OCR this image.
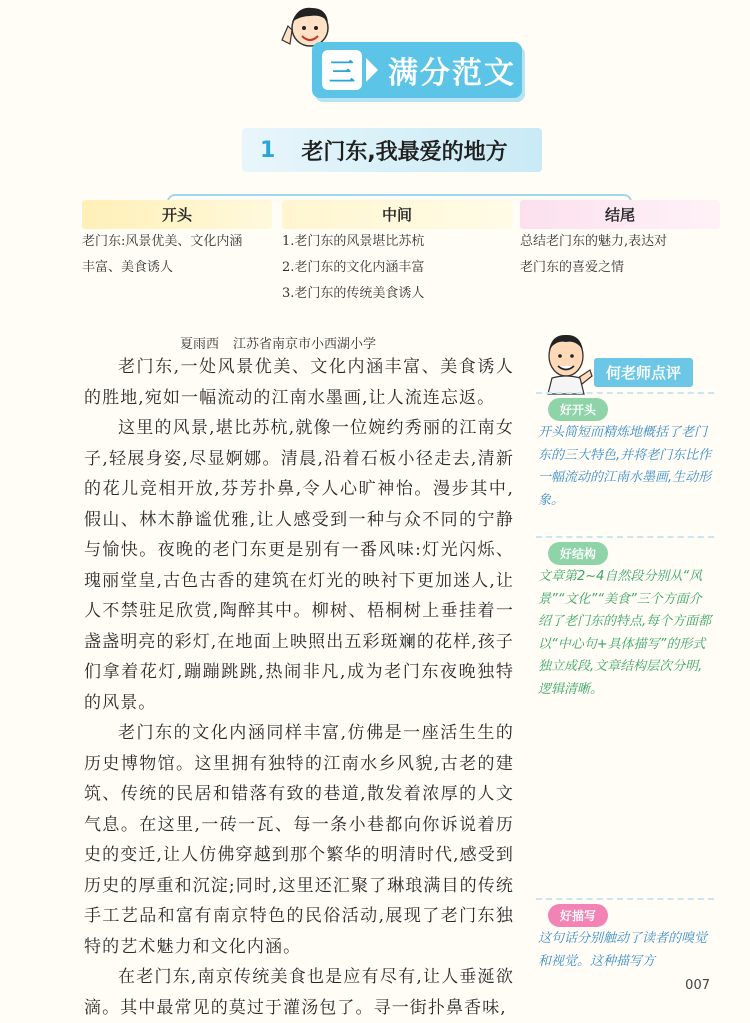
三 满分范文
1 老门东,我最爱的地方
开头
老门东:风景优美、文化内涵
丰富、美食诱人
中间
1.老门东的风景堪比苏杭
2.老门东的文化内涵丰富
3.老门东的传统美食诱人
结尾
总结老门东的魅力,表达对
老门东的喜爱之情
夏雨西 江苏省南京市小西湖小学

老门东,一处风景优美、文化内涵丰富、美食诱人的胜地,宛如一幅流动的江南水墨画,让人流连忘返。

这里的风景,堪比苏杭,就像一位婉约秀丽的江南女子,轻展身姿,尽显婀娜。清晨,沿着石板小径走去,清新的花儿竞相开放,芬芳扑鼻,令人心旷神怡。漫步其中,假山、林木静谧优雅,让人感受到一种与众不同的宁静与愉快。夜晚的老门东更是别有一番风味:灯光闪烁、瑰丽堂皇,古色古香的建筑在灯光的映衬下更加迷人,让人不禁驻足欣赏,陶醉其中。柳树、梧桐树上垂挂着一盏盏明亮的彩灯,在地面上映照出五彩斑斓的花样,孩子们拿着花灯,蹦蹦跳跳,热闹非凡,成为老门东夜晚独特的风景。

老门东的文化内涵同样丰富,仿佛是一座活生生的历史博物馆。这里拥有独特的江南水乡风貌,古老的建筑、传统的民居和错落有致的巷道,散发着浓厚的人文气息。在这里,一砖一瓦、每一条小巷都向你诉说着历史的变迁,让人仿佛穿越到那个繁华的明清时代,感受到历史的厚重和沉淀;同时,这里还汇聚了琳琅满目的传统手工艺品和富有南京特色的民俗活动,展现了老门东独特的艺术魅力和文化内涵。

在老门东,南京传统美食也是应有尽有,让人垂涎欲滴。其中最常见的莫过于灌汤包了。寻一街扑鼻香味,

何老师点评
好开头
开头简短而精炼地概括了老门东的三大特色,并将老门东比作一幅流动的江南水墨画,生动形象。
好结构
文章第2~4自然段分别从“风景”“文化”“美食”三个方面介绍了老门东的特点,每个方面都以“中心句+具体描写”的形式独立成段,文章结构层次分明,逻辑清晰。
好描写
这句话分别触动了读者的嗅觉和视觉。这种描写方
007
